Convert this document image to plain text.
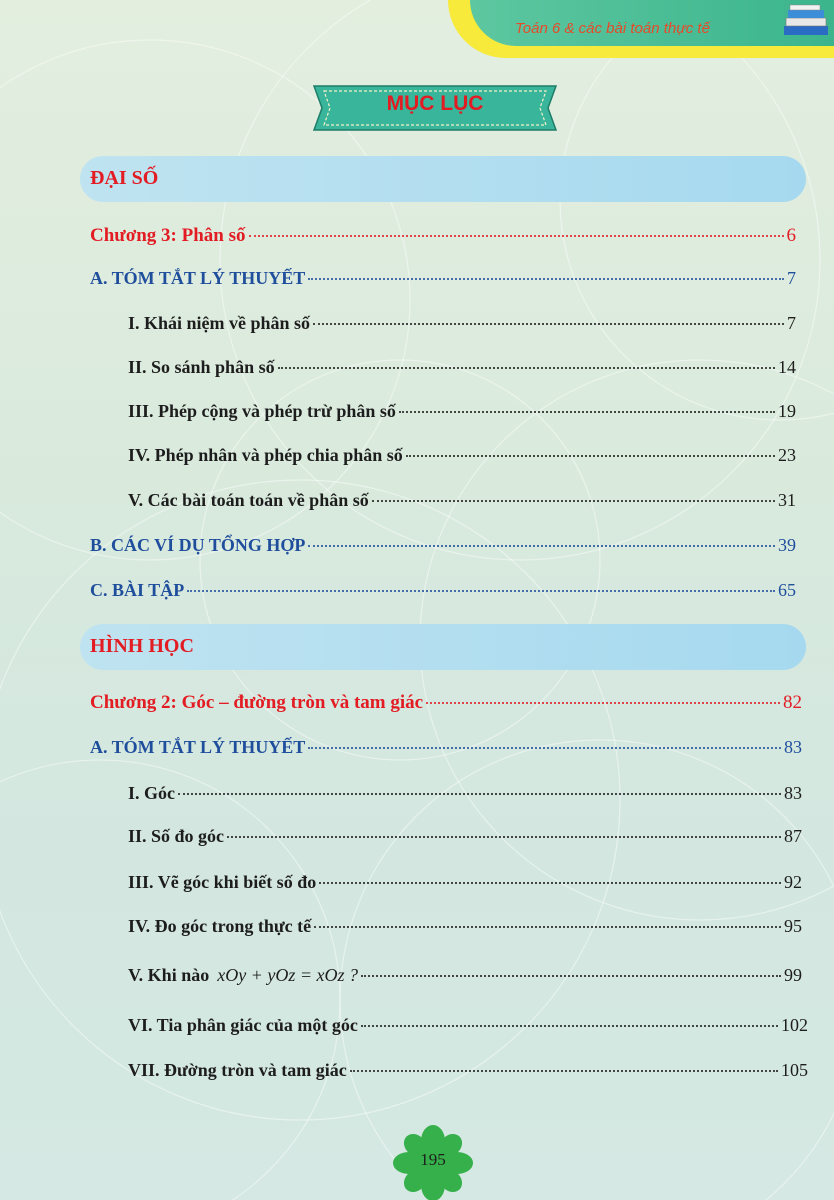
Toán 6 & các bài toán thực tế
MỤC LỤC
ĐẠI SỐ
Chương 3: Phân số	6
A. TÓM TẮT LÝ THUYẾT	7
I. Khái niệm về phân số	7
II. So sánh phân số	14
III. Phép cộng và phép trừ phân số	19
IV. Phép nhân và phép chia phân số	23
V. Các bài toán toán về phân số	31
B. CÁC VÍ DỤ TỔNG HỢP	39
C. BÀI TẬP	65
HÌNH HỌC
Chương 2: Góc – đường tròn và tam giác	82
A. TÓM TẮT LÝ THUYẾT	83
I. Góc	83
II. Số đo góc	87
III. Vẽ góc khi biết số đo	92
IV. Đo góc trong thực tế	95
V. Khi nào xOy + yOz = xOz ?	99
VI. Tia phân giác của một góc	102
VII. Đường tròn và tam giác	105
195
